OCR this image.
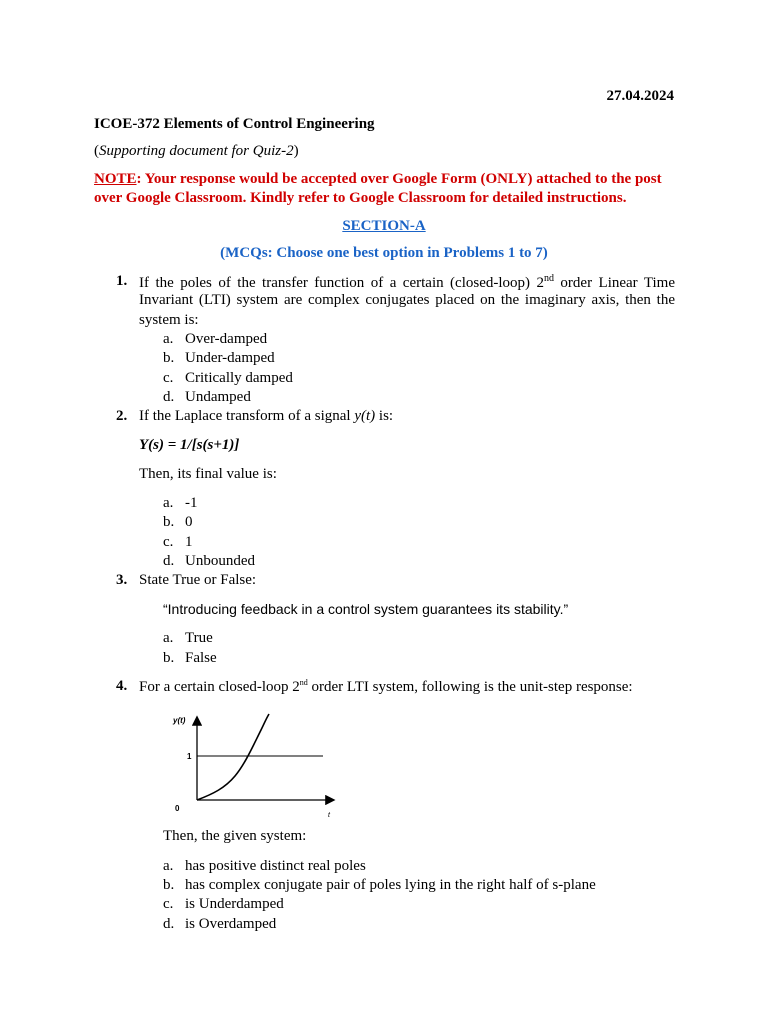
27.04.2024
ICOE-372 Elements of Control Engineering
(Supporting document for Quiz-2)
NOTE: Your response would be accepted over Google Form (ONLY) attached to the post
over Google Classroom. Kindly refer to Google Classroom for detailed instructions.
SECTION-A
(MCQs: Choose one best option in Problems 1 to 7)
1. If the poles of the transfer function of a certain (closed-loop) 2nd order Linear Time
Invariant (LTI) system are complex conjugates placed on the imaginary axis, then the
system is:
a. Over-damped
b. Under-damped
c. Critically damped
d. Undamped
2. If the Laplace transform of a signal y(t) is:
Y(s) = 1/[s(s+1)]
Then, its final value is:
a. -1
b. 0
c. 1
d. Unbounded
3. State True or False:
“Introducing feedback in a control system guarantees its stability.”
a. True
b. False
4. For a certain closed-loop 2nd order LTI system, following is the unit-step response:
y(t)
1
0
t
Then, the given system:
a. has positive distinct real poles
b. has complex conjugate pair of poles lying in the right half of s-plane
c. is Underdamped
d. is Overdamped
